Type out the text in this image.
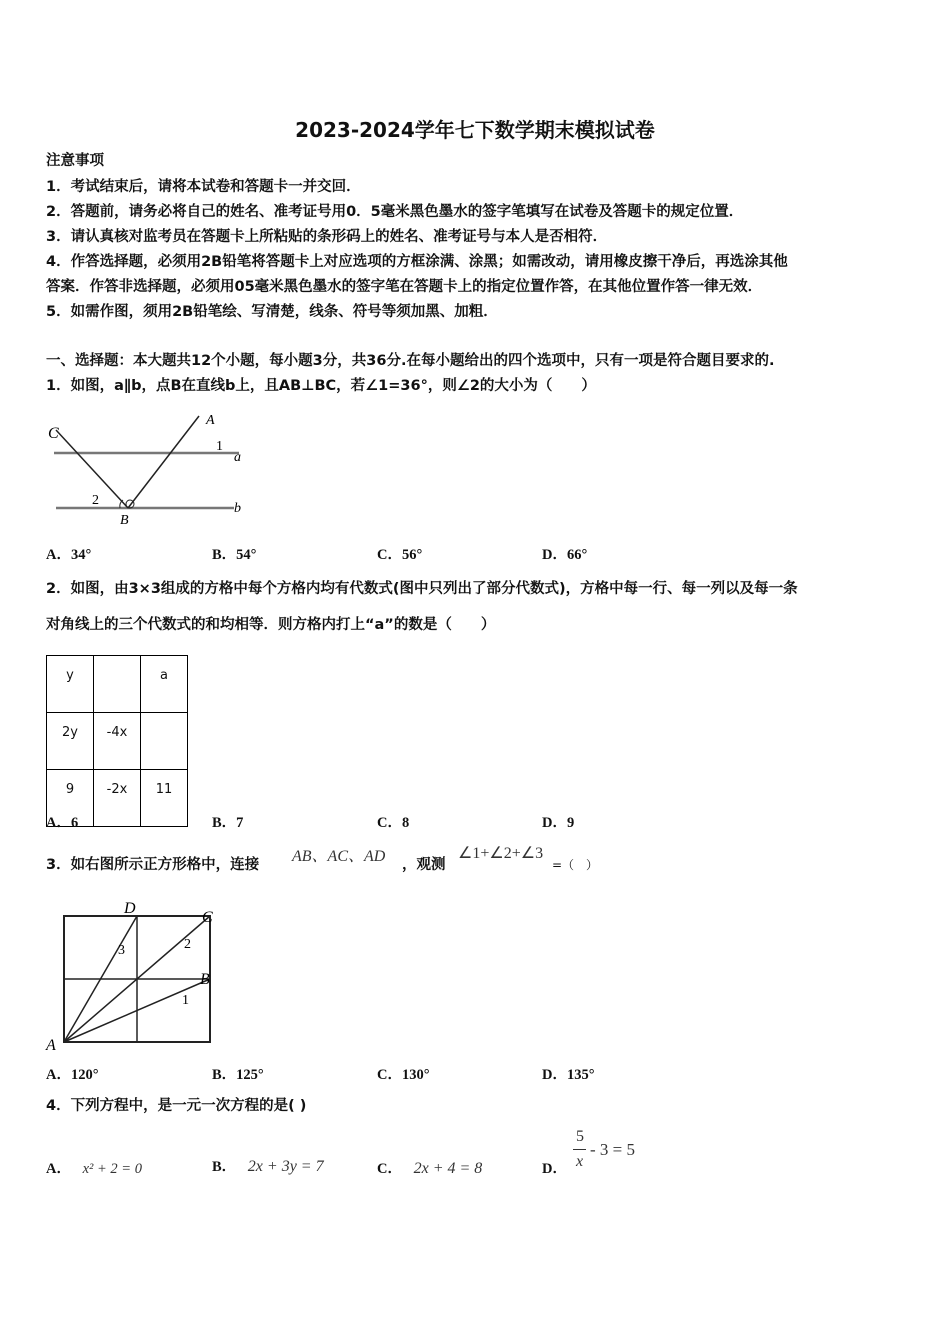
2023-2024学年七下数学期末模拟试卷
注意事项
1．考试结束后，请将本试卷和答题卡一并交回．
2．答题前，请务必将自己的姓名、准考证号用0．5毫米黑色墨水的签字笔填写在试卷及答题卡的规定位置．
3．请认真核对监考员在答题卡上所粘贴的条形码上的姓名、准考证号与本人是否相符．
4．作答选择题，必须用2B铅笔将答题卡上对应选项的方框涂满、涂黑；如需改动，请用橡皮擦干净后，再选涂其他
答案．作答非选择题，必须用05毫米黑色墨水的签字笔在答题卡上的指定位置作答，在其他位置作答一律无效．
5．如需作图，须用2B铅笔绘、写清楚，线条、符号等须加黑、加粗．
一、选择题：本大题共12个小题，每小题3分，共36分.在每小题给出的四个选项中，只有一项是符合题目要求的.
1．如图，a∥b，点B在直线b上，且AB⊥BC，若∠1=36°，则∠2的大小为（　　）
C
A
1
a
2
B
b
A．34°	B．54°	C．56°	D．66°
2．如图，由3×3组成的方格中每个方格内均有代数式(图中只列出了部分代数式)，方格中每一行、每一列以及每一条
对角线上的三个代数式的和均相等．则方格内打上“a”的数是（　　）
y		a
2y	-4x	
9	-2x	11
A．6	B．7	C．8	D．9
3．如右图所示正方形格中，连接 AB、AC、AD ，观测
∠1+∠2+∠3
=（　）
D
C
B
A
1
2
3
A．120°	B．125°	C．130°	D．135°
4．下列方程中，是一元一次方程的是( )
A． x² + 2 = 0	B． 2x + 3y = 7	C． 2x + 4 = 8	D．
5
x
- 3 = 5
